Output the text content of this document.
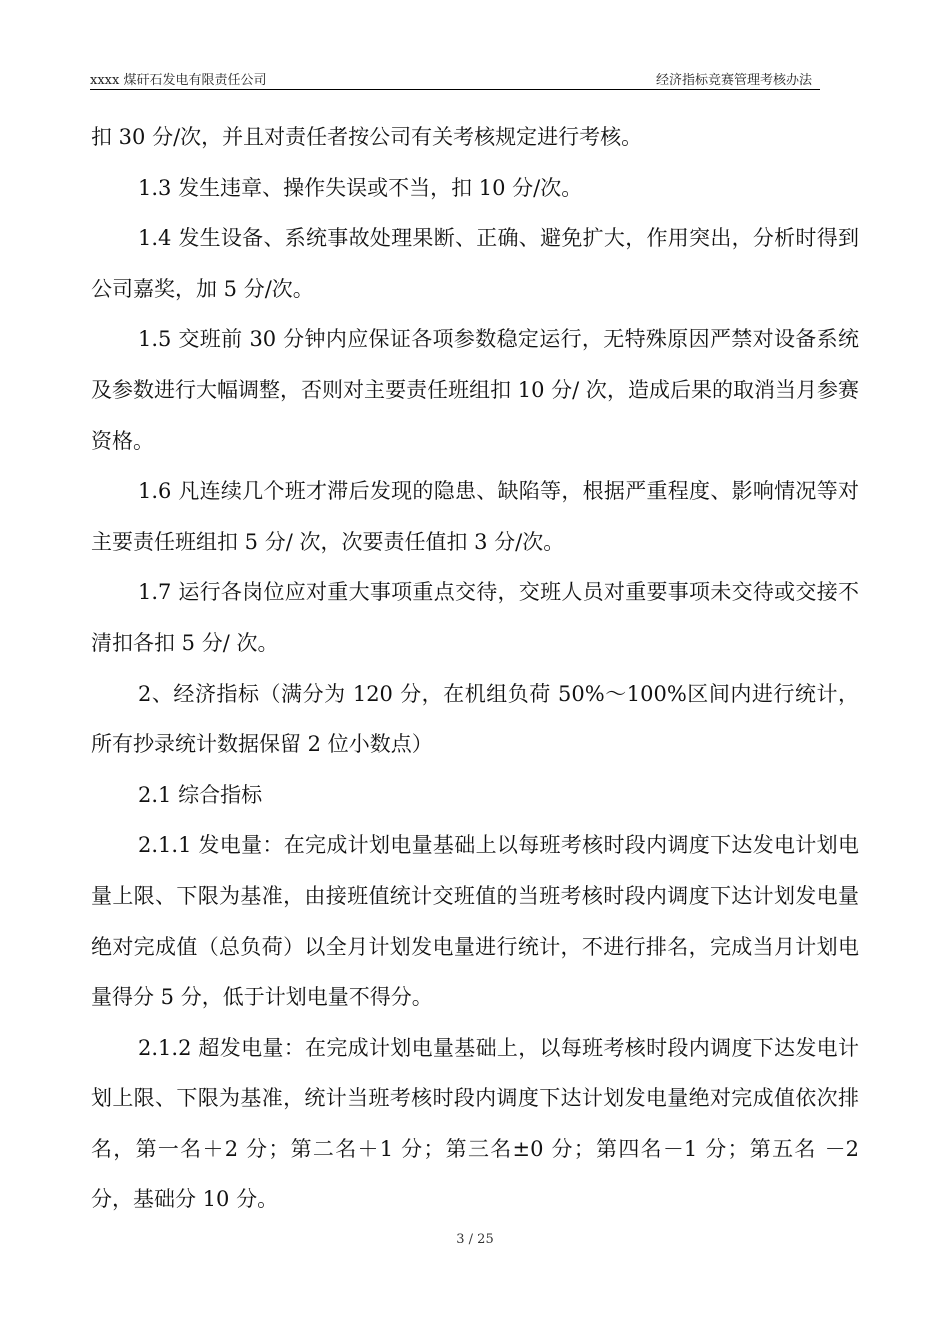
xxxx 煤矸石发电有限责任公司	经济指标竞赛管理考核办法

扣 30 分/次，并且对责任者按公司有关考核规定进行考核。

1.3 发生违章、操作失误或不当，扣 10 分/次。

1.4 发生设备、系统事故处理果断、正确、避免扩大，作用突出，分析时得到公司嘉奖，加 5 分/次。

1.5 交班前 30 分钟内应保证各项参数稳定运行，无特殊原因严禁对设备系统及参数进行大幅调整，否则对主要责任班组扣 10 分/ 次，造成后果的取消当月参赛资格。

1.6 凡连续几个班才滞后发现的隐患、缺陷等，根据严重程度、影响情况等对主要责任班组扣 5 分/ 次，次要责任值扣 3 分/次。

1.7 运行各岗位应对重大事项重点交待，交班人员对重要事项未交待或交接不清扣各扣 5 分/ 次。

2、经济指标（满分为 120 分，在机组负荷 50%～100%区间内进行统计，所有抄录统计数据保留 2 位小数点）

2.1 综合指标

2.1.1 发电量：在完成计划电量基础上以每班考核时段内调度下达发电计划电量上限、下限为基准，由接班值统计交班值的当班考核时段内调度下达计划发电量绝对完成值（总负荷）以全月计划发电量进行统计，不进行排名，完成当月计划电量得分 5 分，低于计划电量不得分。

2.1.2 超发电量：在完成计划电量基础上，以每班考核时段内调度下达发电计划上限、下限为基准，统计当班考核时段内调度下达计划发电量绝对完成值依次排名，第一名＋2 分；第二名＋1 分；第三名±0 分；第四名－1 分；第五名 －2 分，基础分 10 分。

3 / 25
